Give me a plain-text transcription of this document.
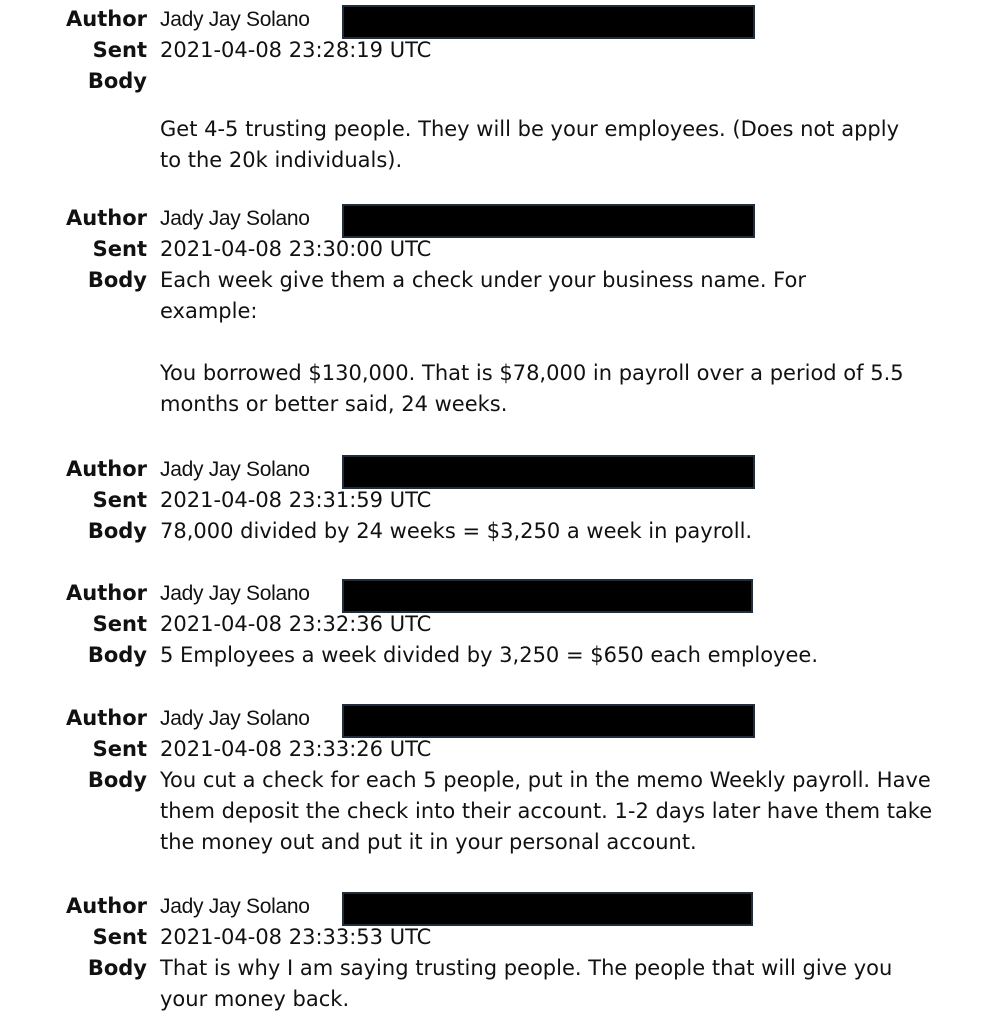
Author Jady Jay Solano
Sent 2021-04-08 23:28:19 UTC
Body

Get 4-5 trusting people. They will be your employees. (Does not apply to the 20k individuals).

Author Jady Jay Solano
Sent 2021-04-08 23:30:00 UTC
Body Each week give them a check under your business name. For example:

You borrowed $130,000. That is $78,000 in payroll over a period of 5.5 months or better said, 24 weeks.

Author Jady Jay Solano
Sent 2021-04-08 23:31:59 UTC
Body 78,000 divided by 24 weeks = $3,250 a week in payroll.
Author Jady Jay Solano
Sent 2021-04-08 23:32:36 UTC
Body 5 Employees a week divided by 3,250 = $650 each employee.
Author Jady Jay Solano
Sent 2021-04-08 23:33:26 UTC
Body You cut a check for each 5 people, put in the memo Weekly payroll. Have them deposit the check into their account. 1-2 days later have them take the money out and put it in your personal account.

Author Jady Jay Solano
Sent 2021-04-08 23:33:53 UTC
Body That is why I am saying trusting people. The people that will give you your money back.
